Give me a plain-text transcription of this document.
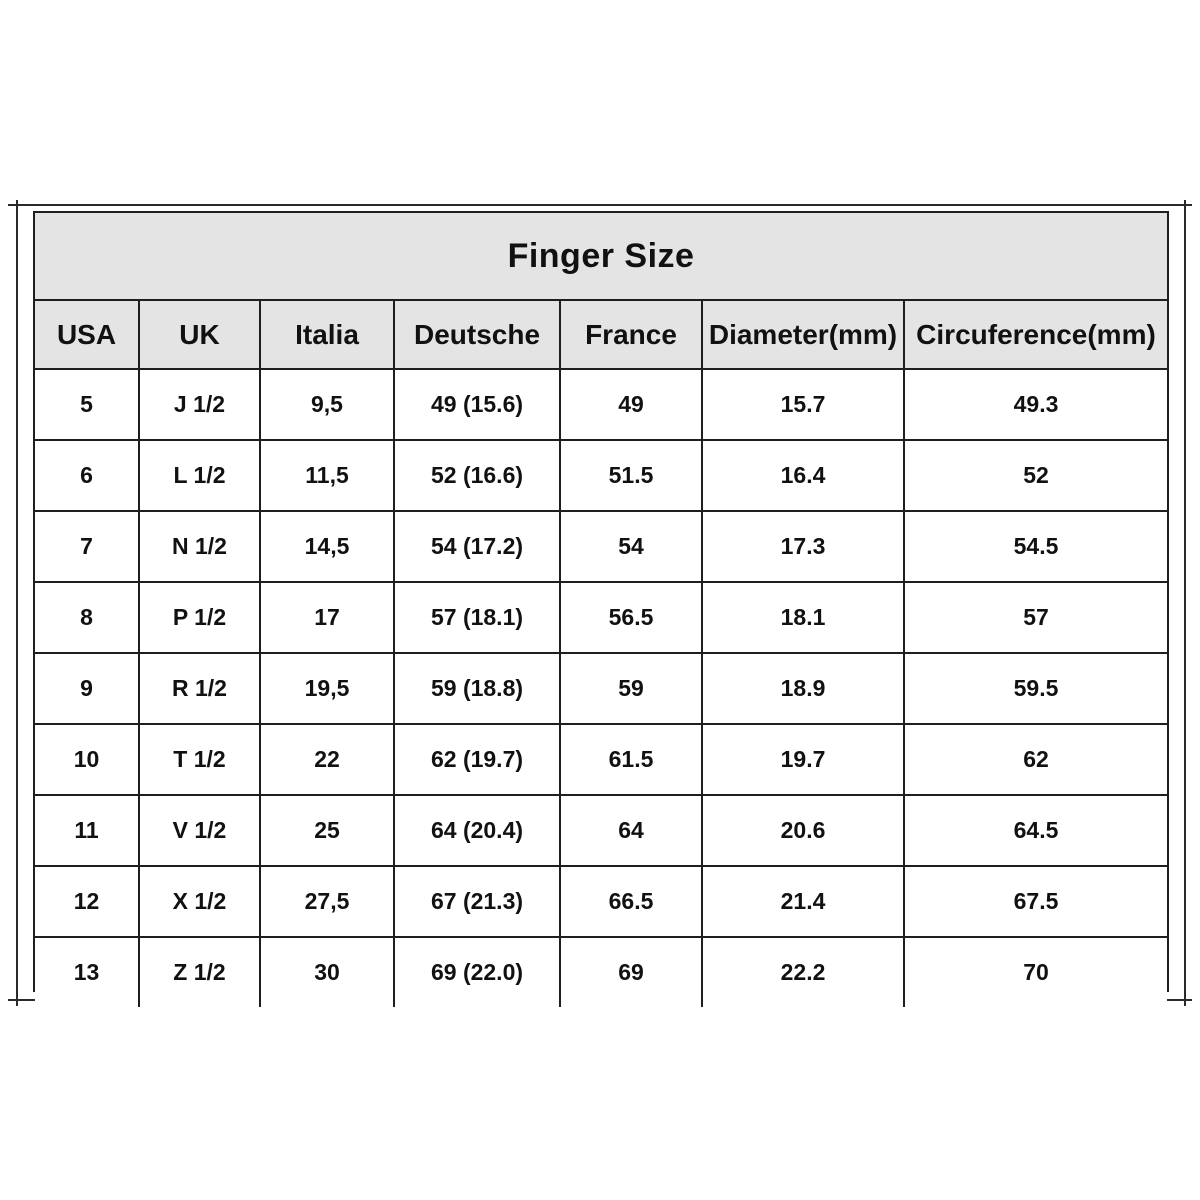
Finger Size
USA	UK	Italia	Deutsche	France	Diameter(mm)	Circuference(mm)
5	J 1/2	9,5	49 (15.6)	49	15.7	49.3
6	L 1/2	11,5	52 (16.6)	51.5	16.4	52
7	N 1/2	14,5	54 (17.2)	54	17.3	54.5
8	P 1/2	17	57 (18.1)	56.5	18.1	57
9	R 1/2	19,5	59 (18.8)	59	18.9	59.5
10	T 1/2	22	62 (19.7)	61.5	19.7	62
11	V 1/2	25	64 (20.4)	64	20.6	64.5
12	X 1/2	27,5	67 (21.3)	66.5	21.4	67.5
13	Z 1/2	30	69 (22.0)	69	22.2	70
